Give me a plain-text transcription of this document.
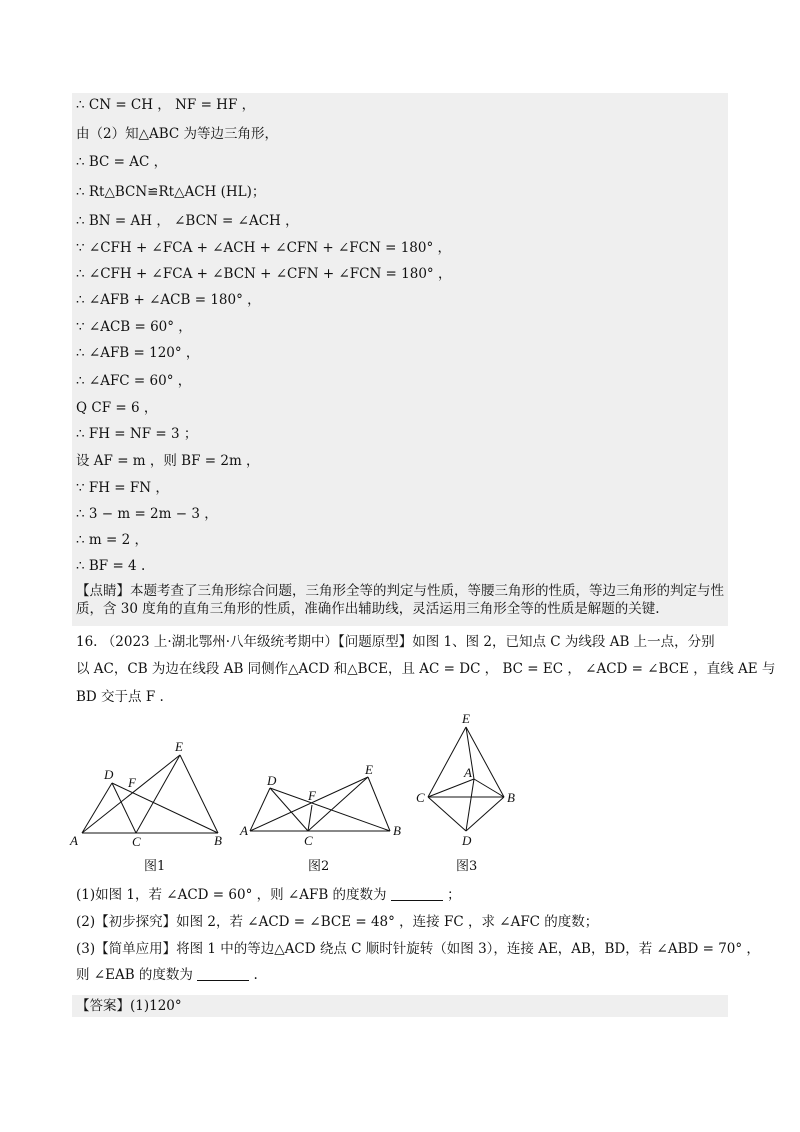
∴ CN = CH ， NF = HF ，
由（2）知△ABC 为等边三角形，
∴ BC = AC ，
∴ Rt△BCN≌Rt△ACH (HL)；
∴ BN = AH ， ∠BCN = ∠ACH ，
∵ ∠CFH + ∠FCA + ∠ACH + ∠CFN + ∠FCN = 180° ，
∴ ∠CFH + ∠FCA + ∠BCN + ∠CFN + ∠FCN = 180° ，
∴ ∠AFB + ∠ACB = 180° ，
∵ ∠ACB = 60° ，
∴ ∠AFB = 120° ，
∴ ∠AFC = 60° ，
Q CF = 6 ，
∴ FH = NF = 3 ；
设 AF = m ，则 BF = 2m ，
∵ FH = FN ，
∴ 3 − m = 2m − 3 ，
∴ m = 2 ，
∴ BF = 4 .
【点睛】本题考查了三角形综合问题，三角形全等的判定与性质，等腰三角形的性质，等边三角形的判定与性质，含 30 度角的直角三角形的性质，准确作出辅助线，灵活运用三角形全等的性质是解题的关键.
16. （2023 上·湖北鄂州·八年级统考期中）【问题原型】如图 1、图 2，已知点 C 为线段 AB 上一点，分别
以 AC，CB 为边在线段 AB 同侧作△ACD 和△BCE，且 AC = DC ， BC = EC ， ∠ACD = ∠BCE ，直线 AE 与
BD 交于点 F .
A	B
C
D
E
F
A	B
C
D
E
F
E
A
C	B
D
图1	图2	图3
(1)如图 1，若 ∠ACD = 60° ，则 ∠AFB 的度数为	；
(2)【初步探究】如图 2，若 ∠ACD = ∠BCE = 48° ，连接 FC ，求 ∠AFC 的度数；
(3)【简单应用】将图 1 中的等边△ACD 绕点 C 顺时针旋转（如图 3），连接 AE，AB，BD，若 ∠ABD = 70° ，
则 ∠EAB 的度数为	.
【答案】(1)120°
